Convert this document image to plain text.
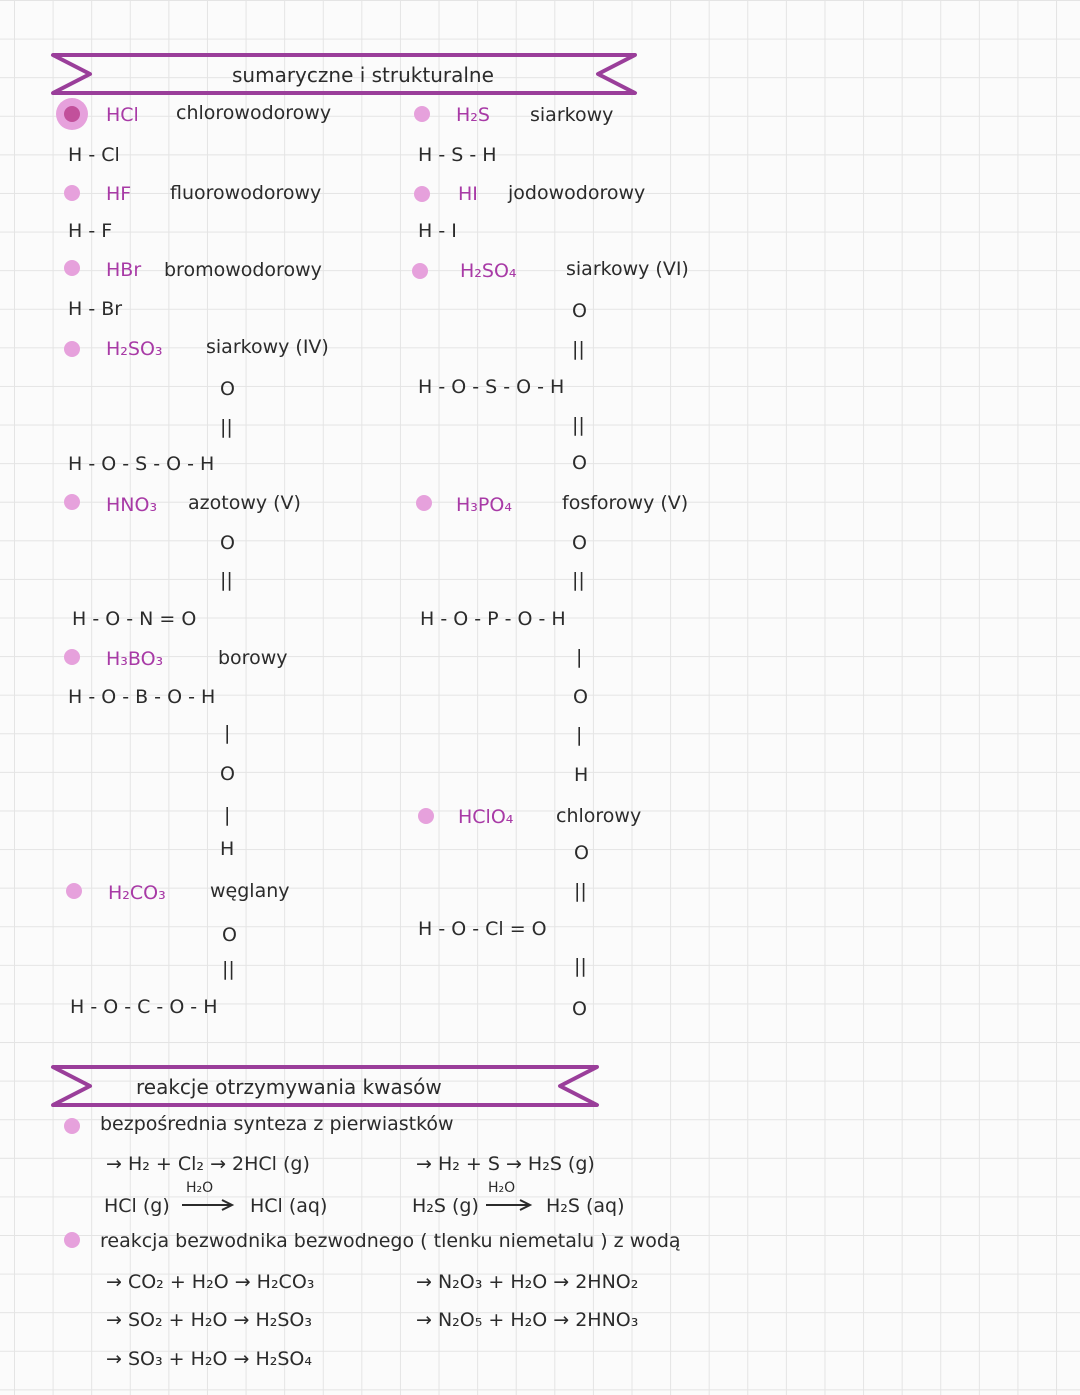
sumaryczne i strukturalne
HCl chlorowodorowy
H - Cl
H₂S siarkowy
H - S - H
HF fluorowodorowy
H - F
HI jodowodorowy
H - I
HBr bromowodorowy
H - Br
H₂SO₄	siarkowy (VI)
O
||
H - O - S - O - H
||
O
H₂SO₃ siarkowy (IV)
O
||
H - O - S - O - H
HNO₃ azotowy (V)
O
||
H - O - N = O
H₃PO₄	fosforowy (V)
O
||
H - O - P - O - H
|
O
|
H
H₃BO₃	borowy
H - O - B - O - H
|
O
|
H
HClO₄ chlorowy
O
||
H - O - Cl = O
||
O
H₂CO₃ węglany
O
||
H - O - C - O - H
reakcje otrzymywania kwasów
bezpośrednia synteza z pierwiastków
→ H₂ + Cl₂ → 2HCl (g)	→ H₂ + S → H₂S (g)
HCl (g)
H₂O
→ HCl (aq)	H₂S (g)
H₂O
→ H₂S (aq)
reakcja bezwodnika bezwodnego ( tlenku niemetalu ) z wodą
→ CO₂ + H₂O → H₂CO₃
→ SO₂ + H₂O → H₂SO₃
→ SO₃ + H₂O → H₂SO₄
→ N₂O₃ + H₂O → 2HNO₂
→ N₂O₅ + H₂O → 2HNO₃
